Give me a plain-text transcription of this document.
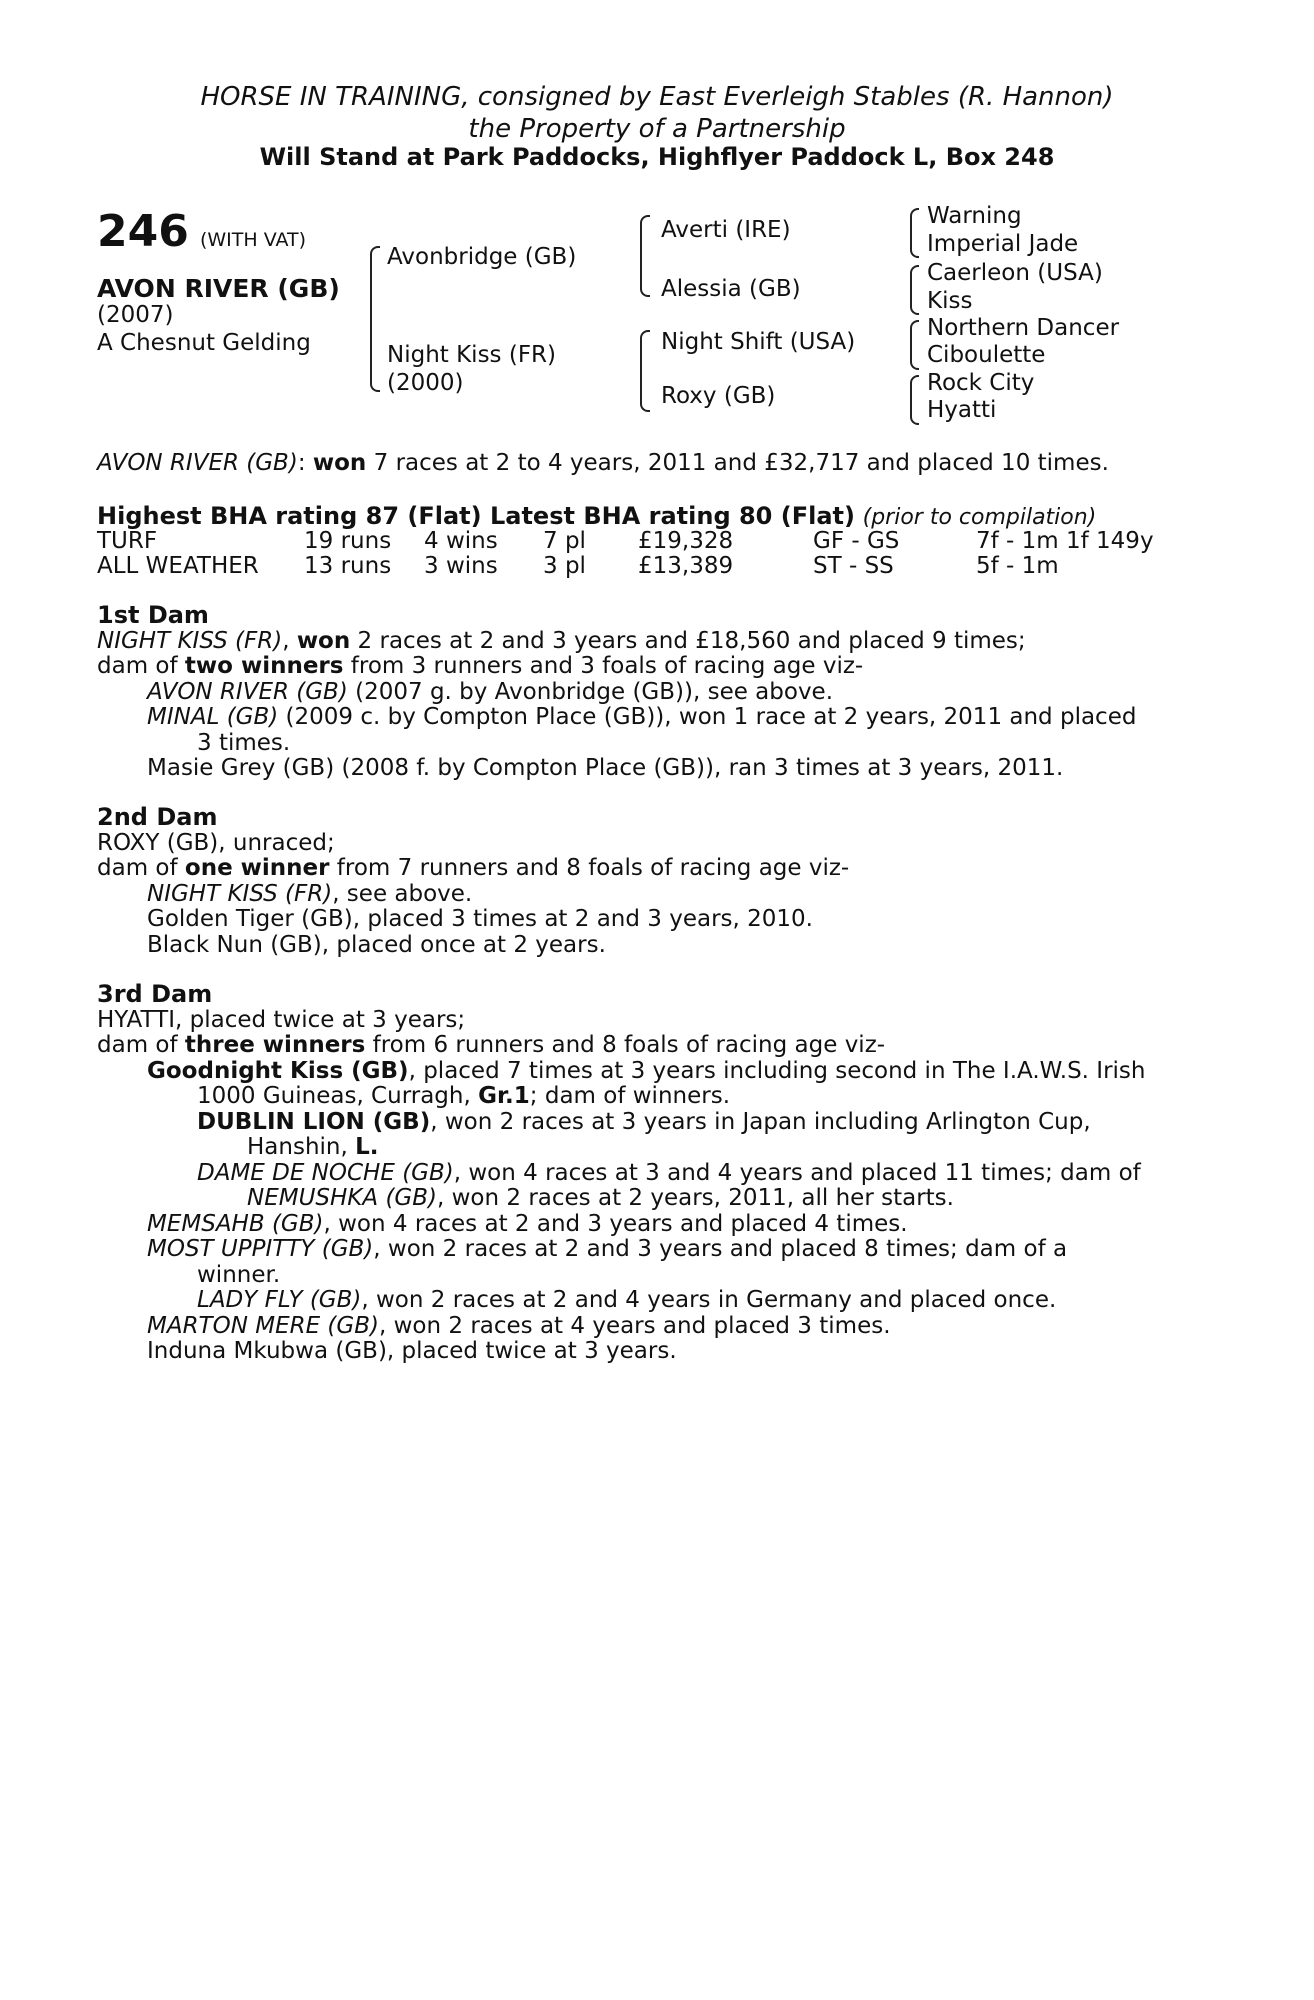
HORSE IN TRAINING, consigned by East Everleigh Stables (R. Hannon)
the Property of a Partnership
Will Stand at Park Paddocks, Highflyer Paddock L, Box 248
246 (WITH VAT)
AVON RIVER (GB)
(2007)
A Chesnut Gelding
Avonbridge (GB)
Night Kiss (FR)
(2000)
Averti (IRE)
Alessia (GB)
Night Shift (USA)
Roxy (GB)
Warning
Imperial Jade
Caerleon (USA)
Kiss
Northern Dancer
Ciboulette
Rock City
Hyatti
AVON RIVER (GB): won 7 races at 2 to 4 years, 2011 and £32,717 and placed 10 times.
Highest BHA rating 87 (Flat) Latest BHA rating 80 (Flat) (prior to compilation)
TURF	19 runs 4 wins 7 pl £19,328	GF - GS	7f - 1m 1f 149y
ALL WEATHER 13 runs 3 wins 3 pl £13,389	ST - SS	5f - 1m
1st Dam
NIGHT KISS (FR), won 2 races at 2 and 3 years and £18,560 and placed 9 times;
dam of two winners from 3 runners and 3 foals of racing age viz-
AVON RIVER (GB) (2007 g. by Avonbridge (GB)), see above.
MINAL (GB) (2009 c. by Compton Place (GB)), won 1 race at 2 years, 2011 and placed
3 times.
Masie Grey (GB) (2008 f. by Compton Place (GB)), ran 3 times at 3 years, 2011.
2nd Dam
ROXY (GB), unraced;
dam of one winner from 7 runners and 8 foals of racing age viz-
NIGHT KISS (FR), see above.
Golden Tiger (GB), placed 3 times at 2 and 3 years, 2010.
Black Nun (GB), placed once at 2 years.
3rd Dam
HYATTI, placed twice at 3 years;
dam of three winners from 6 runners and 8 foals of racing age viz-
Goodnight Kiss (GB), placed 7 times at 3 years including second in The I.A.W.S. Irish
1000 Guineas, Curragh, Gr.1; dam of winners.
DUBLIN LION (GB), won 2 races at 3 years in Japan including Arlington Cup,
Hanshin, L.
DAME DE NOCHE (GB), won 4 races at 3 and 4 years and placed 11 times; dam of
NEMUSHKA (GB), won 2 races at 2 years, 2011, all her starts.
MEMSAHB (GB), won 4 races at 2 and 3 years and placed 4 times.
MOST UPPITTY (GB), won 2 races at 2 and 3 years and placed 8 times; dam of a
winner.
LADY FLY (GB), won 2 races at 2 and 4 years in Germany and placed once.
MARTON MERE (GB), won 2 races at 4 years and placed 3 times.
Induna Mkubwa (GB), placed twice at 3 years.
